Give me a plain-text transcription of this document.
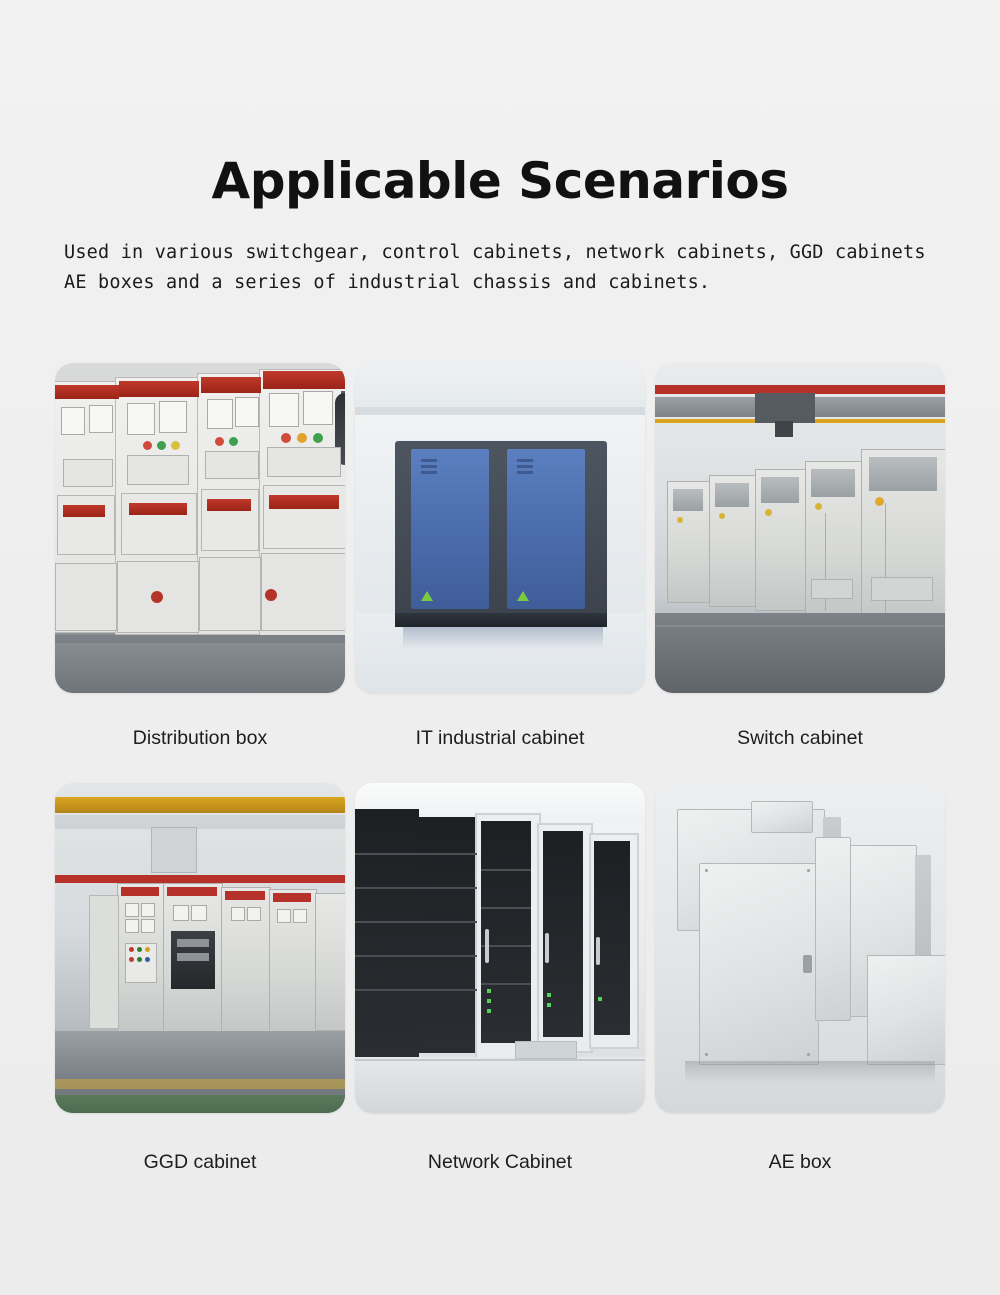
Applicable Scenarios

Used in various switchgear, control cabinets, network cabinets, GGD cabinets AE boxes and a series of industrial chassis and cabinets.

Distribution box	IT industrial cabinet	Switch cabinet
GGD cabinet	Network Cabinet	AE box
